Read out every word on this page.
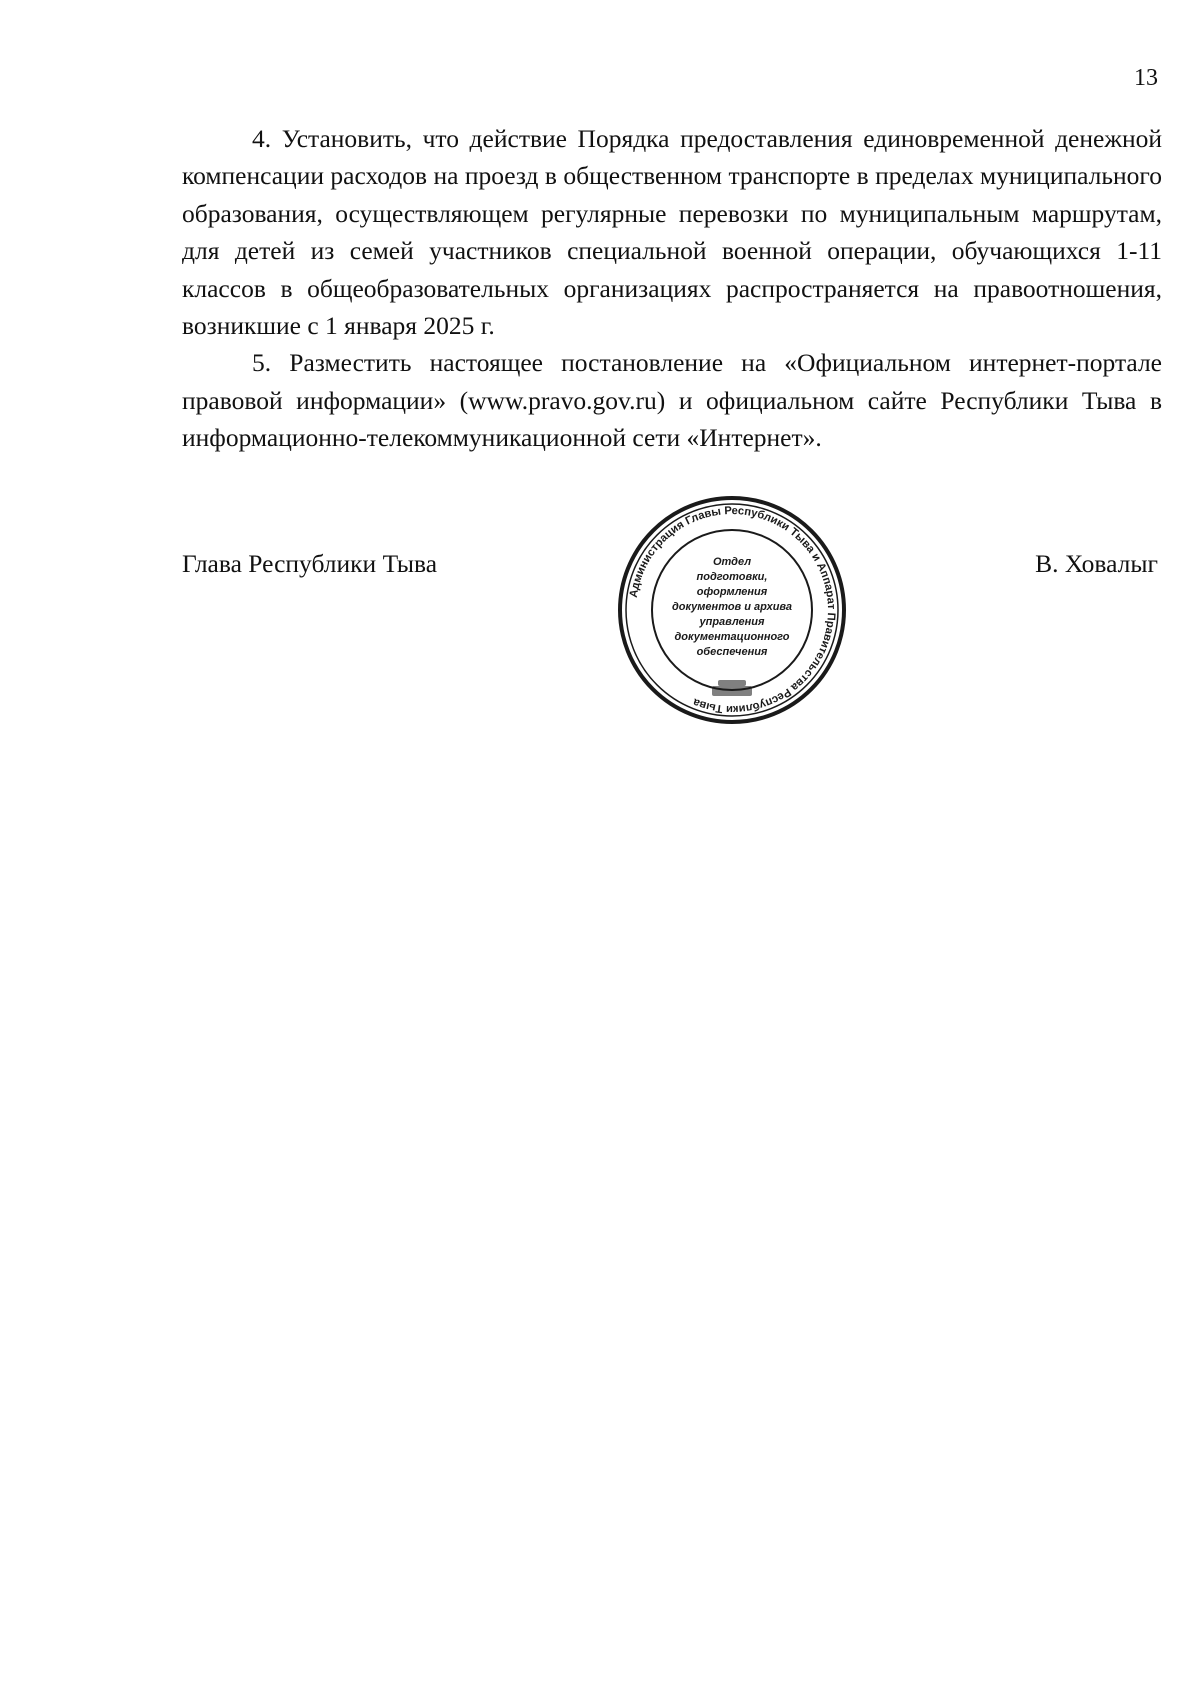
13

4. Установить, что действие Порядка предоставления единовременной денежной компенсации расходов на проезд в общественном транспорте в пределах муниципального образования, осуществляющем регулярные перевозки по муниципальным маршрутам, для детей из семей участников специальной военной операции, обучающихся 1-11 классов в общеобразовательных организациях распространяется на правоотношения, возникшие с 1 января 2025 г.

5. Разместить настоящее постановление на «Официальном интернет-портале правовой информации» (www.pravo.gov.ru) и официальном сайте Республики Тыва в информационно-телекоммуникационной сети «Интернет».

Глава Республики Тыва	В. Ховалыг
Администрация Главы Республики Тыва и Аппарат Правительства Республики Тыва
Отдел
подготовки,
оформления
документов и архива
управления
документационного
обеспечения
